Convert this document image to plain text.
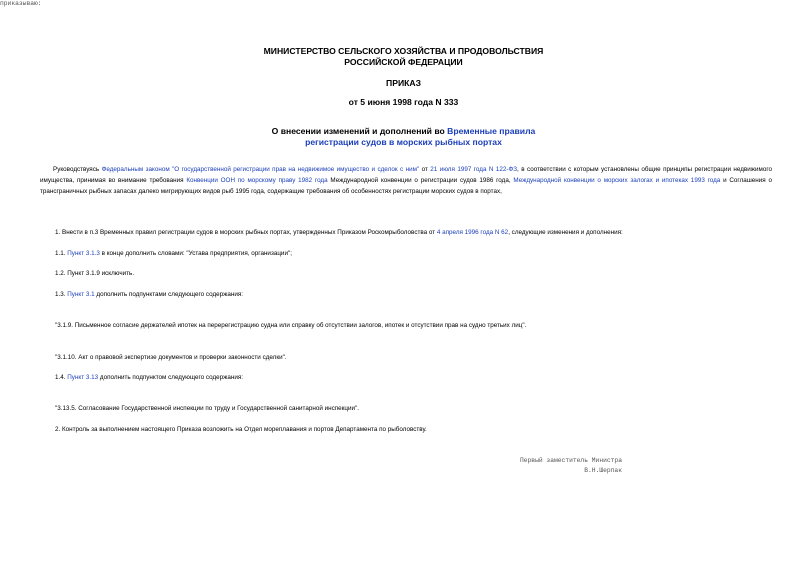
МИНИСТЕРСТВО СЕЛЬСКОГО ХОЗЯЙСТВА И ПРОДОВОЛЬСТВИЯ
РОССИЙСКОЙ ФЕДЕРАЦИИ
ПРИКАЗ
от 5 июня 1998 года N 333
О внесении изменений и дополнений во Временные правила
регистрации судов в морских рыбных портах
Руководствуясь Федеральным законом "О государственной регистрации прав на недвижимое имущество и сделок с ним" от 21 июля 1997 года N 122-ФЗ, в соответствии с которым установлены общие принципы регистрации недвижимого имущества, принимая во внимание требования Конвенции ООН по морскому праву 1982 года Международной конвенции о регистрации судов 1986 года, Международной конвенции о морских залогах и ипотеках 1993 года и Соглашения о трансграничных рыбных запасах далеко мигрирующих видов рыб 1995 года, содержащие требования об особенностях регистрации морских судов в портах,
приказываю:
1. Внести в п.3 Временных правил регистрации судов в морских рыбных портах, утвержденных Приказом Роскомрыболовства от 4 апреля 1996 года N 62, следующие изменения и дополнения:
1.1. Пункт 3.1.3 в конце дополнить словами: "Устава предприятия, организации";
1.2. Пункт 3.1.9 исключить.
1.3. Пункт 3.1 дополнить подпунктами следующего содержания:
"3.1.9. Письменное согласие держателей ипотек на перерегистрацию судна или справку об отсутствии залогов, ипотек и отсутствии прав на судно третьих лиц".
"3.1.10. Акт о правовой экспертизе документов и проверки законности сделки".
1.4. Пункт 3.13 дополнить подпунктом следующего содержания:
"3.13.5. Согласование Государственной инспекции по труду и Государственной санитарной инспекции".
2. Контроль за выполнением настоящего Приказа возложить на Отдел мореплавания и портов Департамента по рыболовству.
Первый заместитель Министра
В.Н.Шерпак
